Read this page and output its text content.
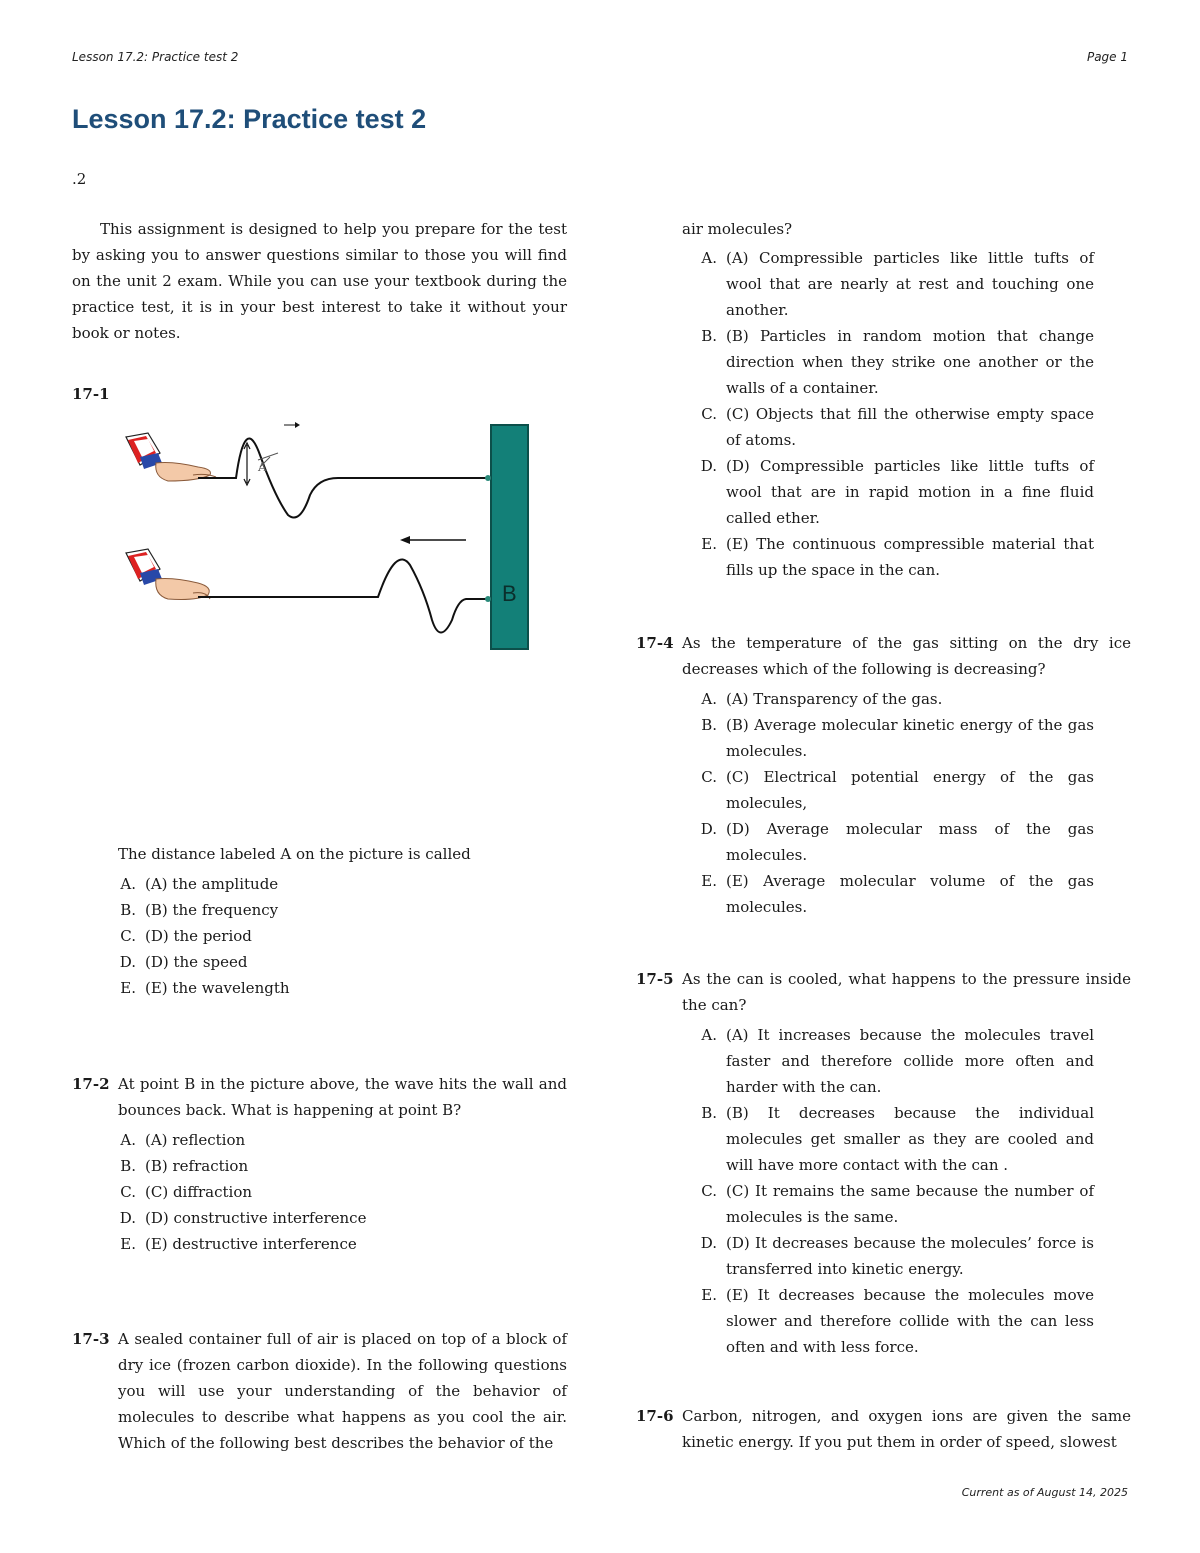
Lesson 17.2: Practice test 2	Page 1
Lesson 17.2: Practice test 2
.2

This assignment is designed to help you prepare for the test by asking you to answer questions similar to those you will find on the unit 2 exam. While you can use your textbook during the practice test, it is in your best interest to take it without your book or notes.

17-1
The distance labeled A on the picture is called
A. (A) the amplitude
B. (B) the frequency
C. (D) the period
D. (D) the speed
E. (E) the wavelength
17-2 At point B in the picture above, the wave hits the wall and bounces back. What is happening at point B?
A. (A) reflection
B. (B) refraction
C. (C) diffraction
D. (D) constructive interference
E. (E) destructive interference
17-3 A sealed container full of air is placed on top of a block of dry ice (frozen carbon dioxide). In the following questions you will use your understanding of the behavior of molecules to describe what happens as you cool the air. Which of the following best describes the behavior of the
B
A
air molecules?
A. (A) Compressible particles like little tufts of wool that are nearly at rest and touching one another.
B. (B) Particles in random motion that change direction when they strike one another or the walls of a container.
C. (C) Objects that fill the otherwise empty space of atoms.
D. (D) Compressible particles like little tufts of wool that are in rapid motion in a fine fluid called ether.
E. (E) The continuous compressible material that fills up the space in the can.
17-4 As the temperature of the gas sitting on the dry ice decreases which of the following is decreasing?
A. (A) Transparency of the gas.
B. (B) Average molecular kinetic energy of the gas molecules.
C. (C) Electrical potential energy of the gas molecules,
D. (D) Average molecular mass of the gas molecules.
E. (E) Average molecular volume of the gas molecules.
17-5 As the can is cooled, what happens to the pressure inside the can?
A. (A) It increases because the molecules travel faster and therefore collide more often and harder with the can.
B. (B) It decreases because the individual molecules get smaller as they are cooled and will have more contact with the can .
C. (C) It remains the same because the number of molecules is the same.
D. (D) It decreases because the molecules’ force is transferred into kinetic energy.
E. (E) It decreases because the molecules move slower and therefore collide with the can less often and with less force.
17-6 Carbon, nitrogen, and oxygen ions are given the same kinetic energy. If you put them in order of speed, slowest
Current as of August 14, 2025
